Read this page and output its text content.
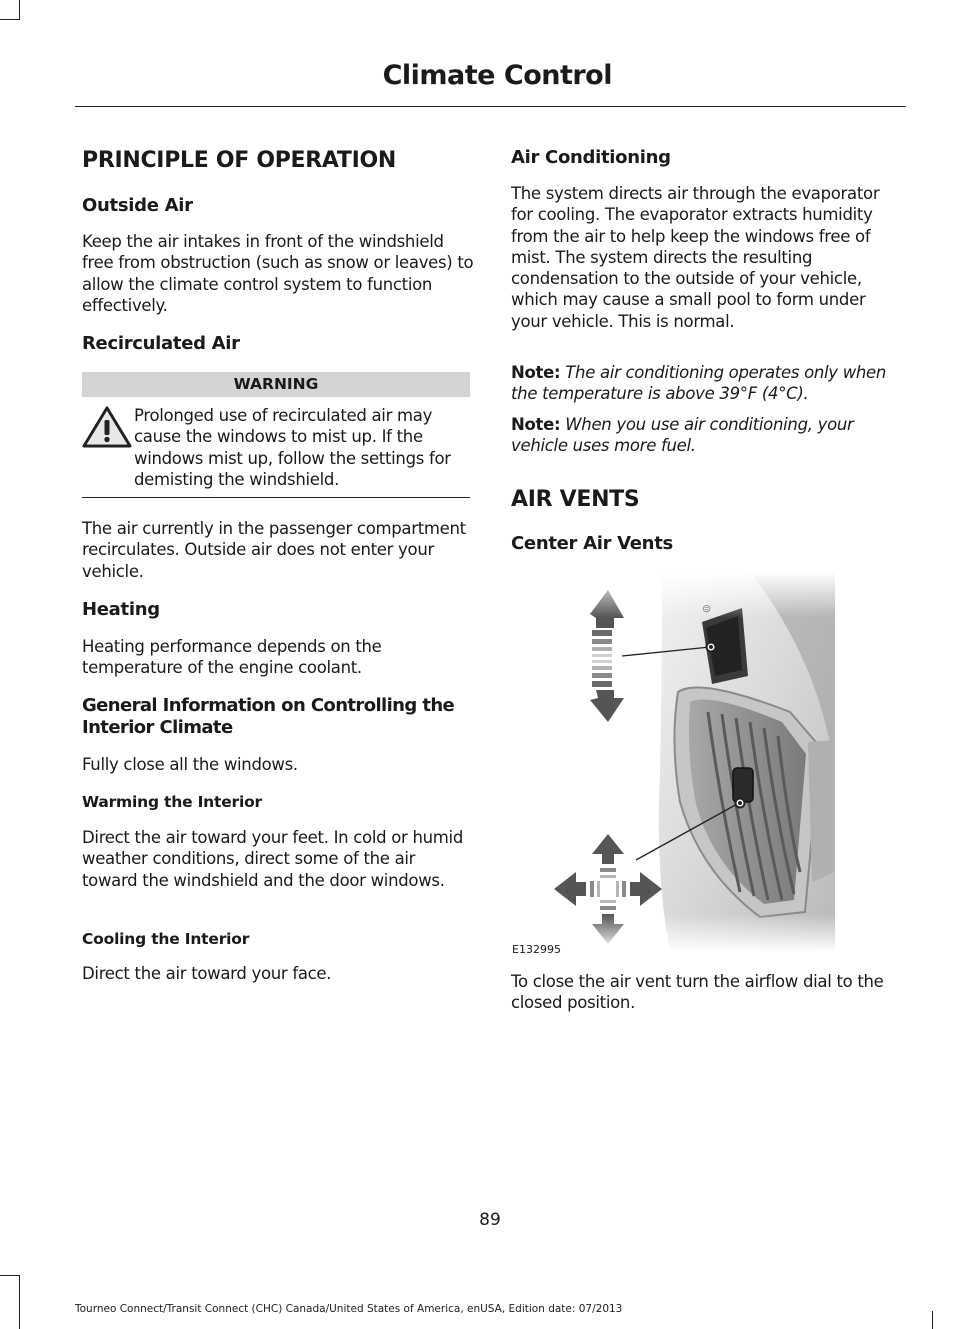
Climate Control
PRINCIPLE OF OPERATION
Outside Air

Keep the air intakes in front of the windshield free from obstruction (such as snow or leaves) to allow the climate control system to function effectively.

Recirculated Air
WARNING

Prolonged use of recirculated air may cause the windows to mist up. If the windows mist up, follow the settings for demisting the windshield.

The air currently in the passenger compartment recirculates. Outside air does not enter your vehicle.

Heating

Heating performance depends on the temperature of the engine coolant.

General Information on Controlling the Interior Climate

Fully close all the windows.

Warming the Interior

Direct the air toward your feet. In cold or humid weather conditions, direct some of the air toward the windshield and the door windows.

Cooling the Interior

Direct the air toward your face.

Air Conditioning

The system directs air through the evaporator for cooling. The evaporator extracts humidity from the air to help keep the windows free of mist. The system directs the resulting condensation to the outside of your vehicle, which may cause a small pool to form under your vehicle. This is normal.

Note: The air conditioning operates only when the temperature is above 39°F (4°C).

Note: When you use air conditioning, your vehicle uses more fuel.

AIR VENTS
Center Air Vents

To close the air vent turn the airflow dial to the closed position.

E132995
89
Tourneo Connect/Transit Connect (CHC) Canada/United States of America, enUSA, Edition date: 07/2013
